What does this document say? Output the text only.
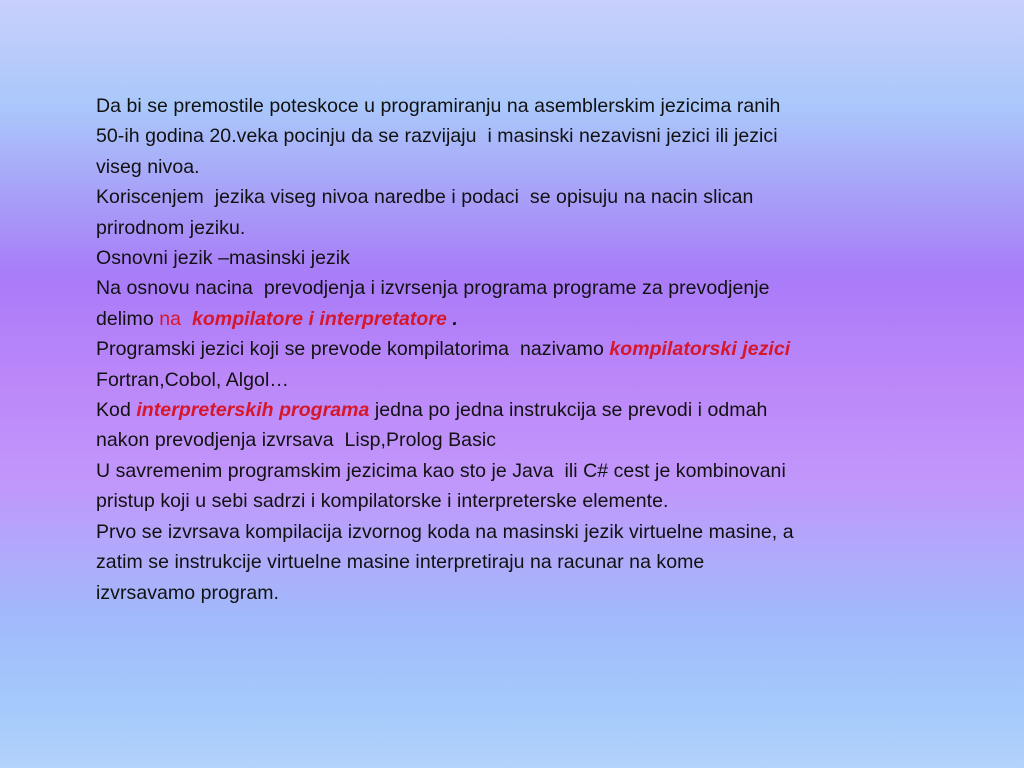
Da bi se premostile poteskoce u programiranju na asemblerskim jezicima ranih
50-ih godina 20.veka pocinju da se razvijaju  i masinski nezavisni jezici ili jezici
viseg nivoa.
Koriscenjem  jezika viseg nivoa naredbe i podaci  se opisuju na nacin slican
prirodnom jeziku.
Osnovni jezik –masinski jezik
Na osnovu nacina  prevodjenja i izvrsenja programa programe za prevodjenje
delimo na  kompilatore i interpretatore .
Programski jezici koji se prevode kompilatorima  nazivamo kompilatorski jezici
Fortran,Cobol, Algol…
Kod interpreterskih programa jedna po jedna instrukcija se prevodi i odmah
nakon prevodjenja izvrsava  Lisp,Prolog Basic
U savremenim programskim jezicima kao sto je Java  ili C# cest je kombinovani
pristup koji u sebi sadrzi i kompilatorske i interpreterske elemente.
Prvo se izvrsava kompilacija izvornog koda na masinski jezik virtuelne masine, a
zatim se instrukcije virtuelne masine interpretiraju na racunar na kome
izvrsavamo program.
